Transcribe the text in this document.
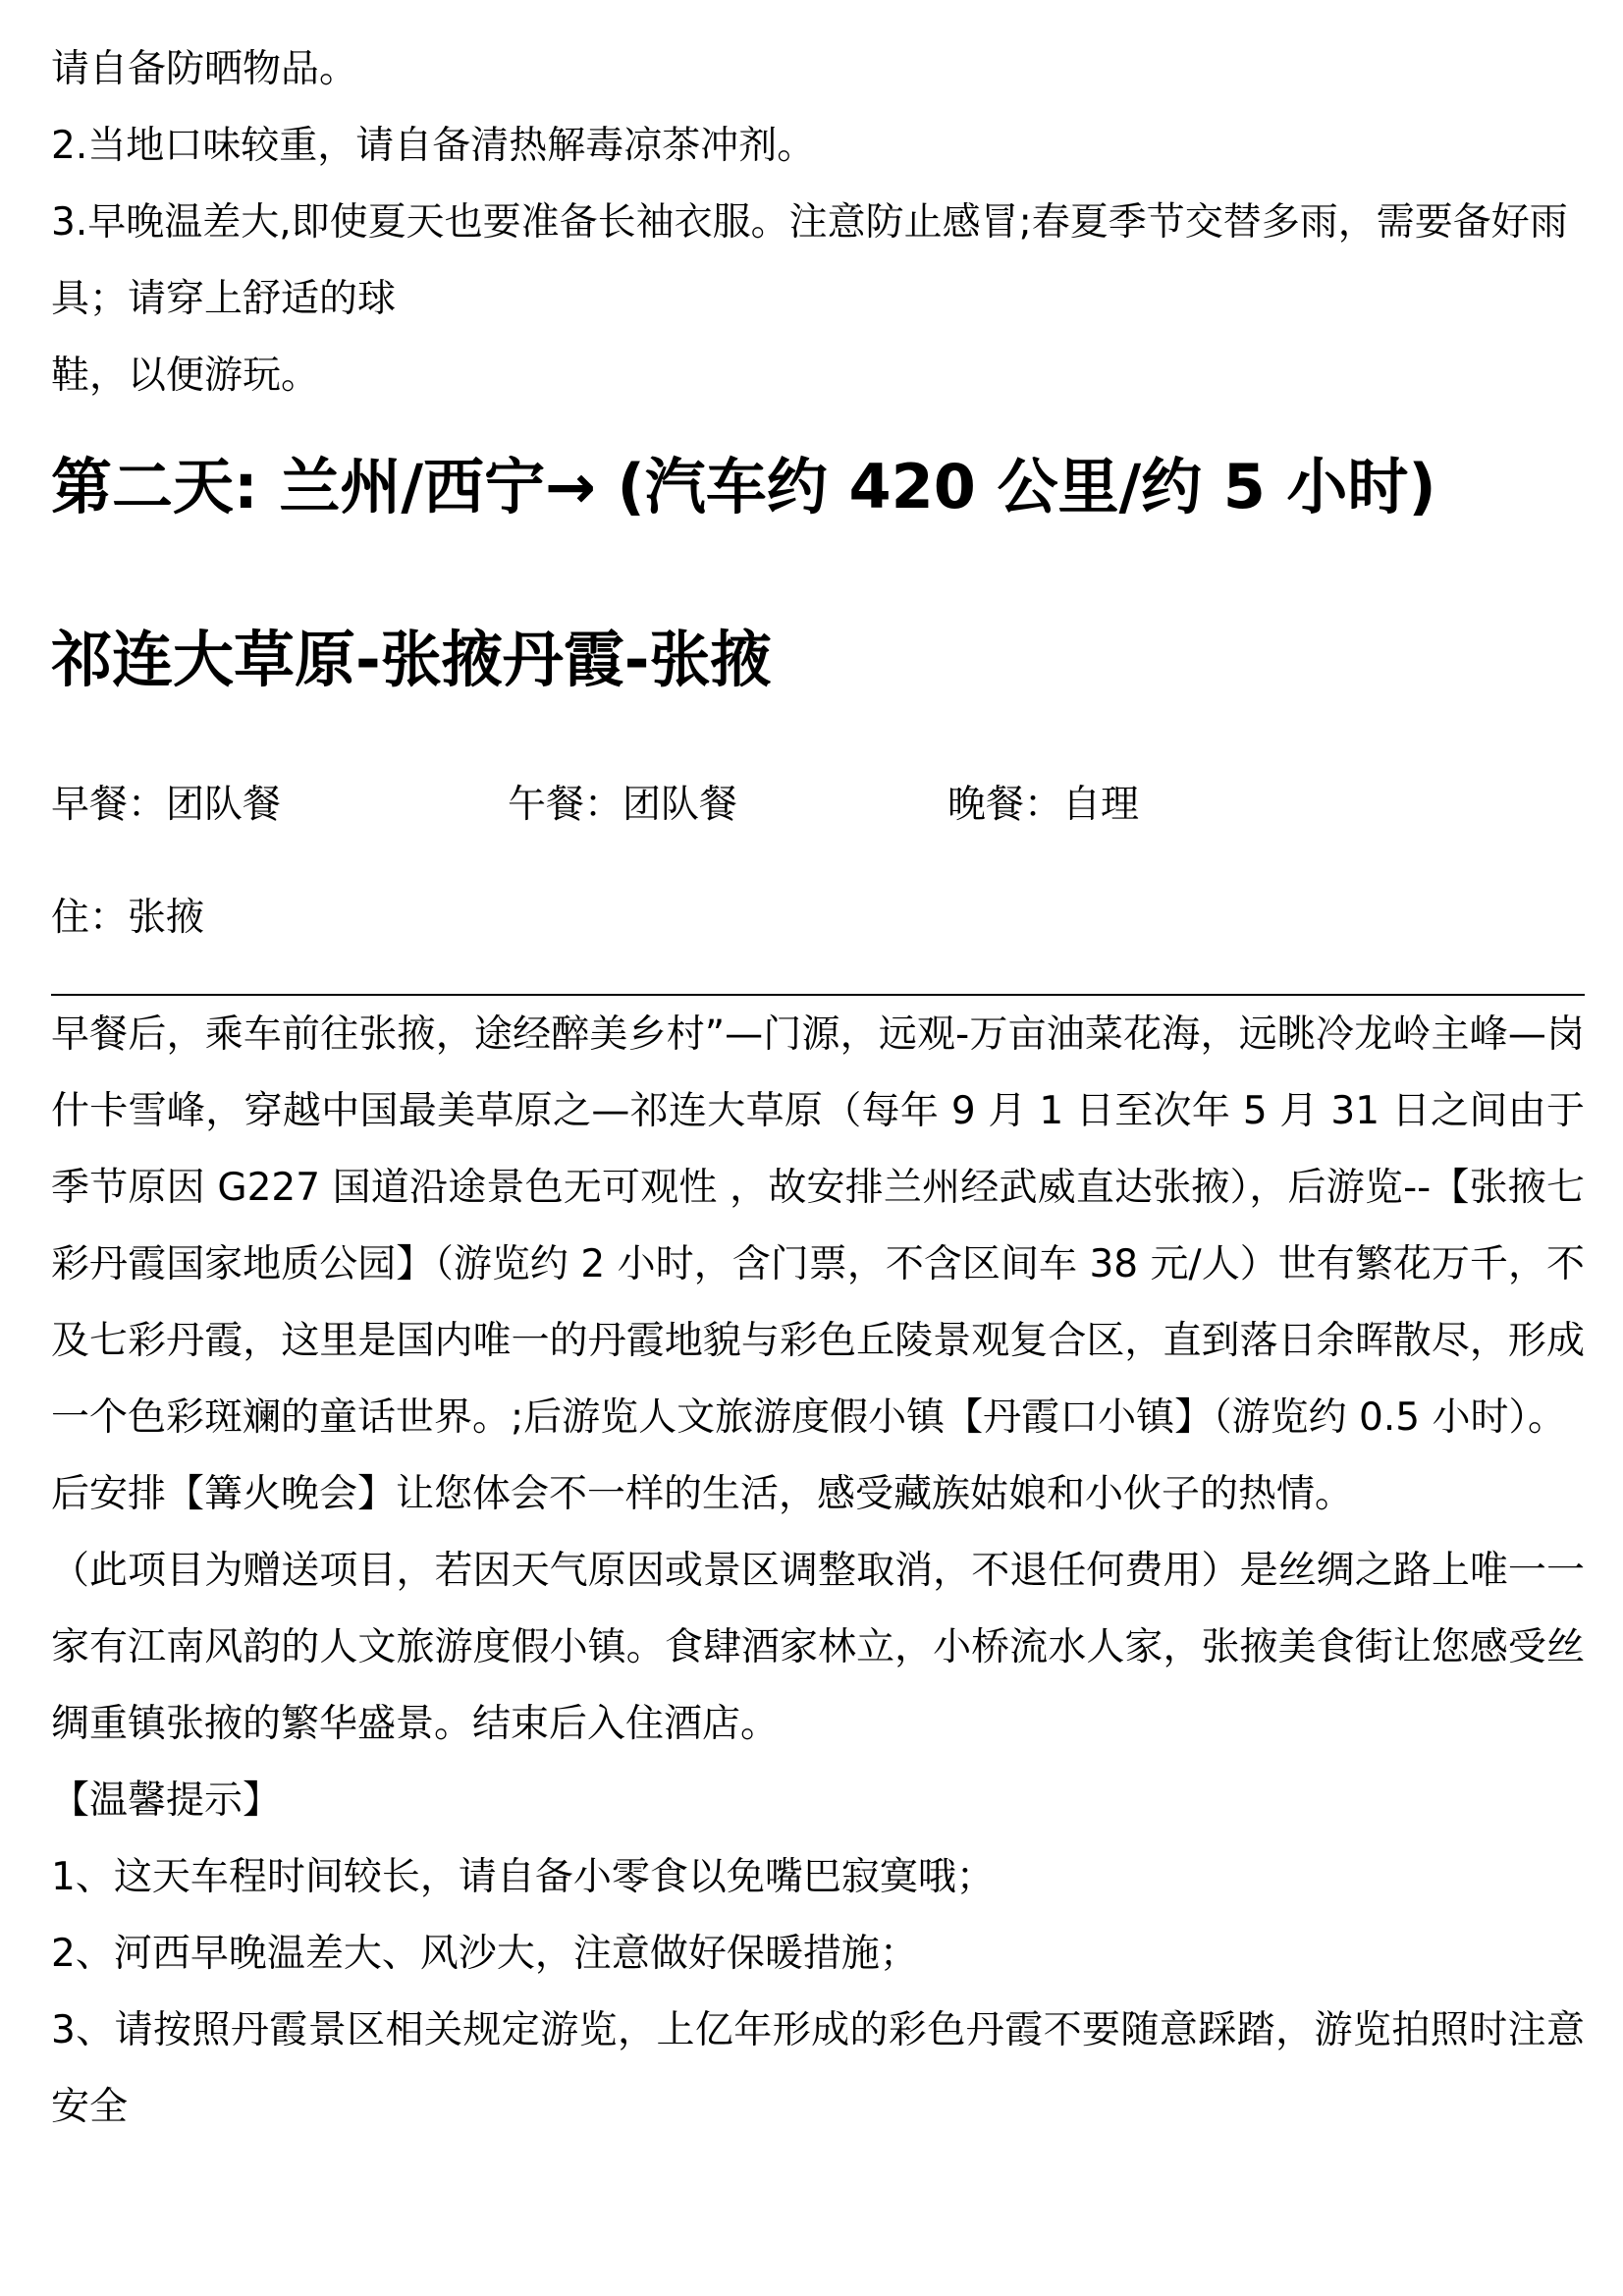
请自备防晒物品。

2.当地口味较重，请自备清热解毒凉茶冲剂。

3.早晚温差大,即使夏天也要准备长袖衣服。注意防止感冒;春夏季节交替多雨，需要备好雨具；请穿上舒适的球

鞋，以便游玩。

第二天: 兰州/西宁→ (汽车约 420 公里/约 5 小时)
祁连大草原-张掖丹霞-张掖
早餐：团队餐	午餐：团队餐	晚餐：自理
住：张掖

早餐后，乘车前往张掖，途经醉美乡村”—门源，远观-万亩油菜花海，远眺冷龙岭主峰—岗什卡雪峰，穿越中国最美草原之—祁连大草原（每年 9 月 1 日至次年 5 月 31 日之间由于季节原因 G227 国道沿途景色无可观性 ，故安排兰州经武威直达张掖），后游览--【张掖七彩丹霞国家地质公园】（游览约 2 小时，含门票，不含区间车 38 元/人）世有繁花万千，不及七彩丹霞，这里是国内唯一的丹霞地貌与彩色丘陵景观复合区，直到落日余晖散尽，形成一个色彩斑斓的童话世界。;后游览人文旅游度假小镇【丹霞口小镇】（游览约 0.5 小时）。

后安排【篝火晚会】让您体会不一样的生活，感受藏族姑娘和小伙子的热情。

（此项目为赠送项目，若因天气原因或景区调整取消，不退任何费用）是丝绸之路上唯一一家有江南风韵的人文旅游度假小镇。食肆酒家林立，小桥流水人家，张掖美食街让您感受丝绸重镇张掖的繁华盛景。结束后入住酒店。

【温馨提示】

1、这天车程时间较长，请自备小零食以免嘴巴寂寞哦；

2、河西早晚温差大、风沙大，注意做好保暖措施；

3、请按照丹霞景区相关规定游览，上亿年形成的彩色丹霞不要随意踩踏，游览拍照时注意安全
